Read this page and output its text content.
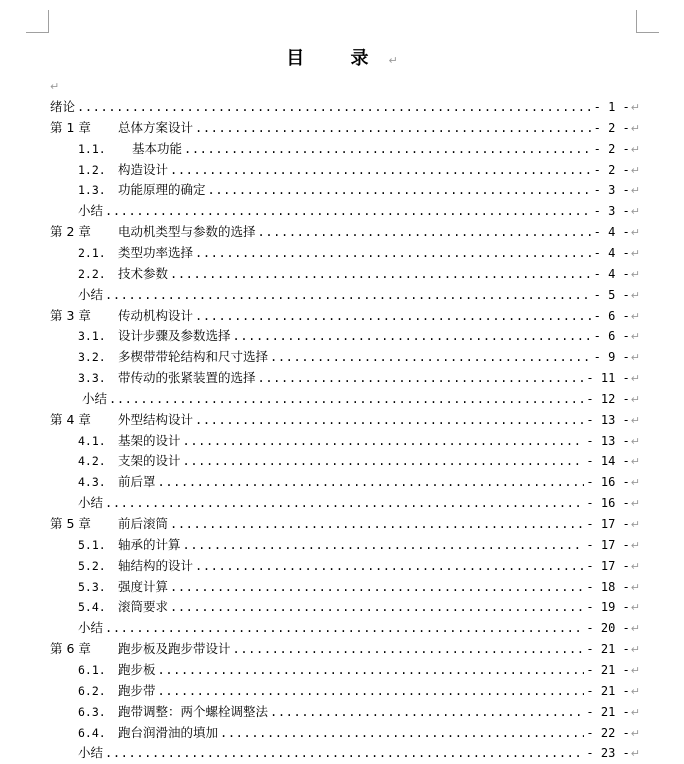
目 录↵
↵
绪论 .....	- 1 - ↵
第 1 章	总体方案设计 .....	- 2 - ↵
1.1.	基本功能 .....	- 2 - ↵
1.2. 构造设计 .....	- 2 - ↵
1.3. 功能原理的确定 .....	- 3 - ↵
小结 .....	- 3 - ↵
第 2 章	电动机类型与参数的选择 .....	- 4 - ↵
2.1. 类型功率选择 .....	- 4 - ↵
2.2. 技术参数 .....	- 4 - ↵
小结 .....	- 5 - ↵
第 3 章	传动机构设计 .....	- 6 - ↵
3.1. 设计步骤及参数选择 .....	- 6 - ↵
3.2. 多楔带带轮结构和尺寸选择 .....	- 9 - ↵
3.3. 带传动的张紧装置的选择 .....	- 11 - ↵
小结 .....	- 12 - ↵
第 4 章	外型结构设计 .....	- 13 - ↵
4.1. 基架的设计 .....	- 13 - ↵
4.2. 支架的设计 .....	- 14 - ↵
4.3. 前后罩 .....	- 16 - ↵
小结 .....	- 16 - ↵
第 5 章	前后滚筒 .....	- 17 - ↵
5.1. 轴承的计算 .....	- 17 - ↵
5.2. 轴结构的设计 .....	- 17 - ↵
5.3. 强度计算 .....	- 18 - ↵
5.4. 滚筒要求 .....	- 19 - ↵
小结 .....	- 20 - ↵
第 6 章	跑步板及跑步带设计 .....	- 21 - ↵
6.1. 跑步板 .....	- 21 - ↵
6.2. 跑步带 .....	- 21 - ↵
6.3. 跑带调整：两个螺栓调整法 .....	- 21 - ↵
6.4. 跑台润滑油的填加 .....	- 22 - ↵
小结 .....	- 23 - ↵
